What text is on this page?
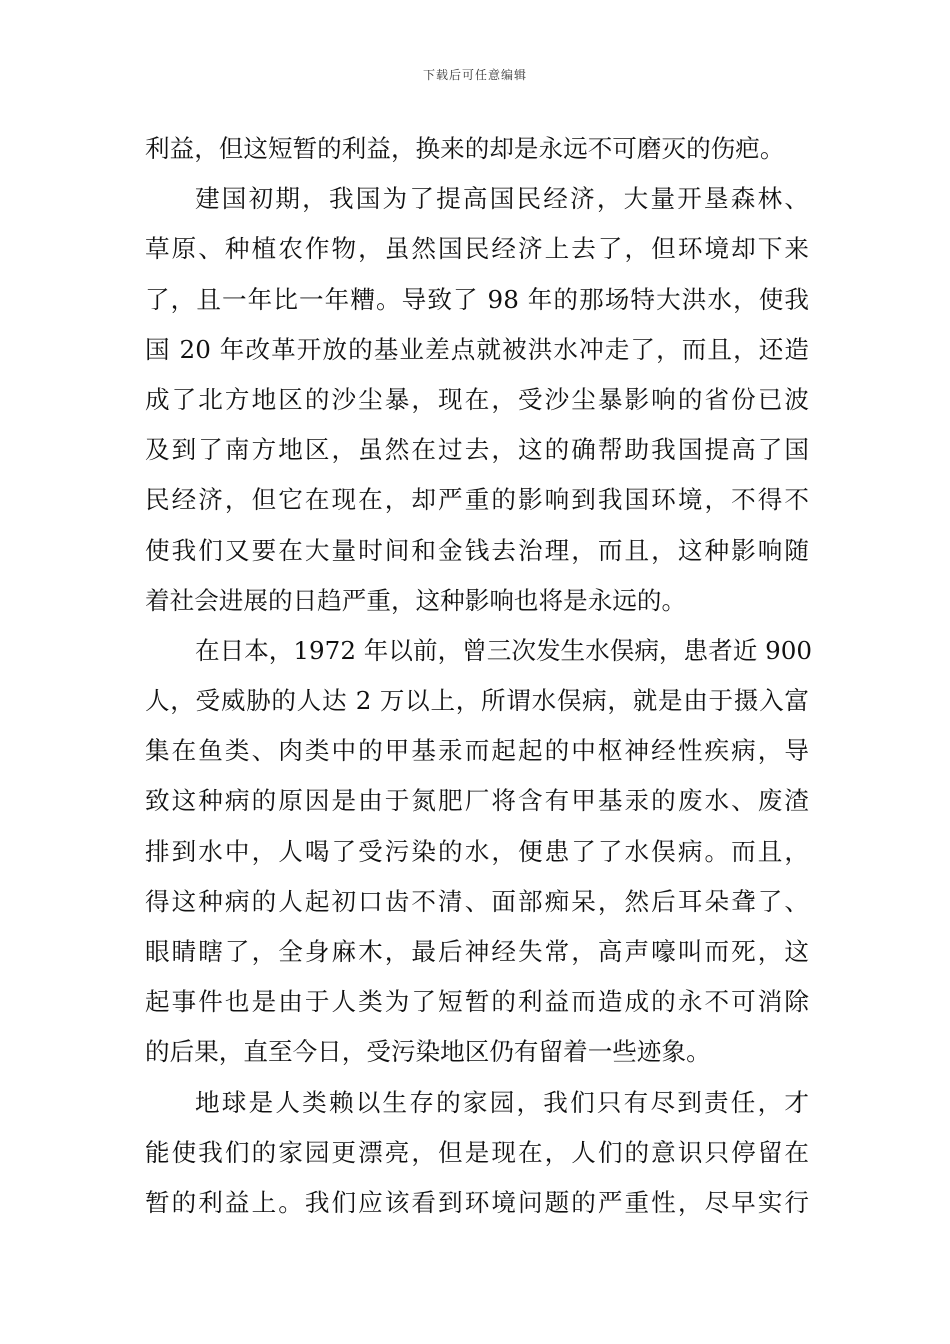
下载后可任意编辑
利益，但这短暂的利益，换来的却是永远不可磨灭的伤疤。
建国初期，我国为了提高国民经济，大量开垦森林、
草原、种植农作物，虽然国民经济上去了，但环境却下来
了，且一年比一年糟。导致了 98 年的那场特大洪水，使我
国 20 年改革开放的基业差点就被洪水冲走了，而且，还造
成了北方地区的沙尘暴，现在，受沙尘暴影响的省份已波
及到了南方地区，虽然在过去，这的确帮助我国提高了国
民经济，但它在现在，却严重的影响到我国环境，不得不
使我们又要在大量时间和金钱去治理，而且，这种影响随
着社会进展的日趋严重，这种影响也将是永远的。
在日本，1972 年以前，曾三次发生水俣病，患者近 900
人，受威胁的人达 2 万以上，所谓水俣病，就是由于摄入富
集在鱼类、肉类中的甲基汞而起起的中枢神经性疾病，导
致这种病的原因是由于氮肥厂将含有甲基汞的废水、废渣
排到水中，人喝了受污染的水，便患了了水俣病。而且，
得这种病的人起初口齿不清、面部痴呆，然后耳朵聋了、
眼睛瞎了，全身麻木，最后神经失常，高声嚎叫而死，这
起事件也是由于人类为了短暂的利益而造成的永不可消除
的后果，直至今日，受污染地区仍有留着一些迹象。
地球是人类赖以生存的家园，我们只有尽到责任，才
能使我们的家园更漂亮，但是现在，人们的意识只停留在
暂的利益上。我们应该看到环境问题的严重性，尽早实行
